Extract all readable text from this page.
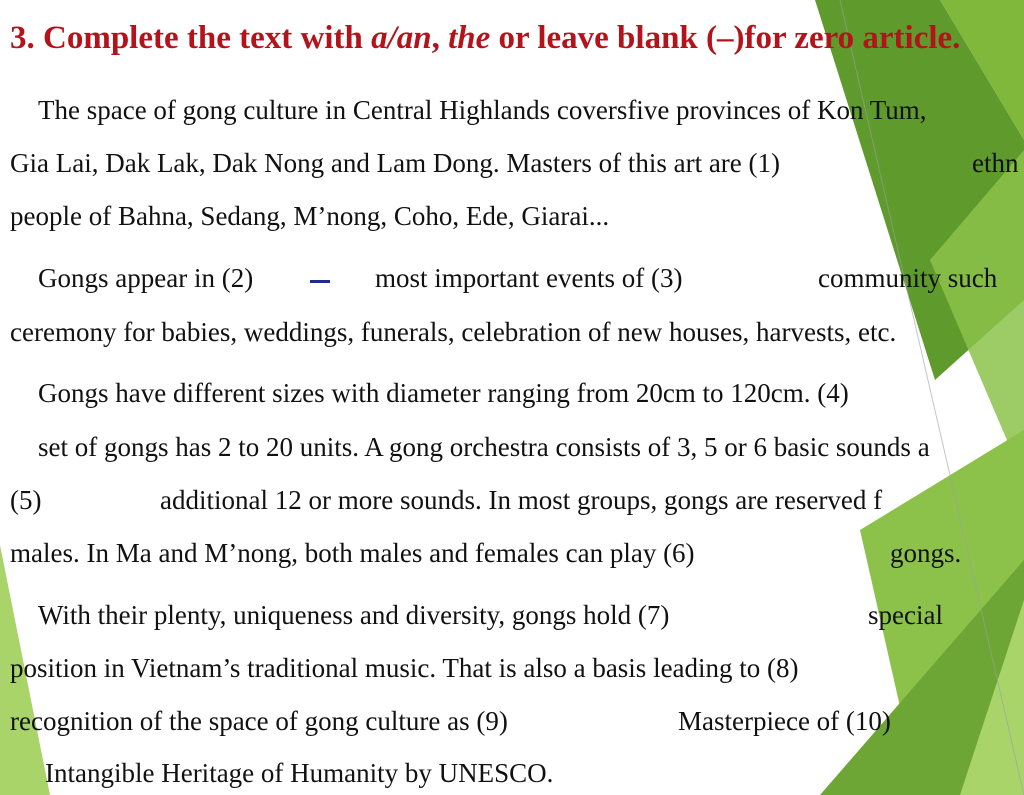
3. Complete the text with a/an, the or leave blank (–)for zero article.
The space of gong culture in Central Highlands coversfive provinces of Kon Tum,
Gia Lai, Dak Lak, Dak Nong and Lam Dong. Masters of this art are (1)	ethn
people of Bahna, Sedang, M’nong, Coho, Ede, Giarai...
Gongs appear in (2)	most important events of (3)	community such
ceremony for babies, weddings, funerals, celebration of new houses, harvests, etc.
Gongs have different sizes with diameter ranging from 20cm to 120cm. (4)
set of gongs has 2 to 20 units. A gong orchestra consists of 3, 5 or 6 basic sounds a
(5)	additional 12 or more sounds. In most groups, gongs are reserved f
males. In Ma and M’nong, both males and females can play (6)	gongs.
With their plenty, uniqueness and diversity, gongs hold (7)	special
position in Vietnam’s traditional music. That is also a basis leading to (8)
recognition of the space of gong culture as (9)	Masterpiece of (10)
Intangible Heritage of Humanity by UNESCO.
